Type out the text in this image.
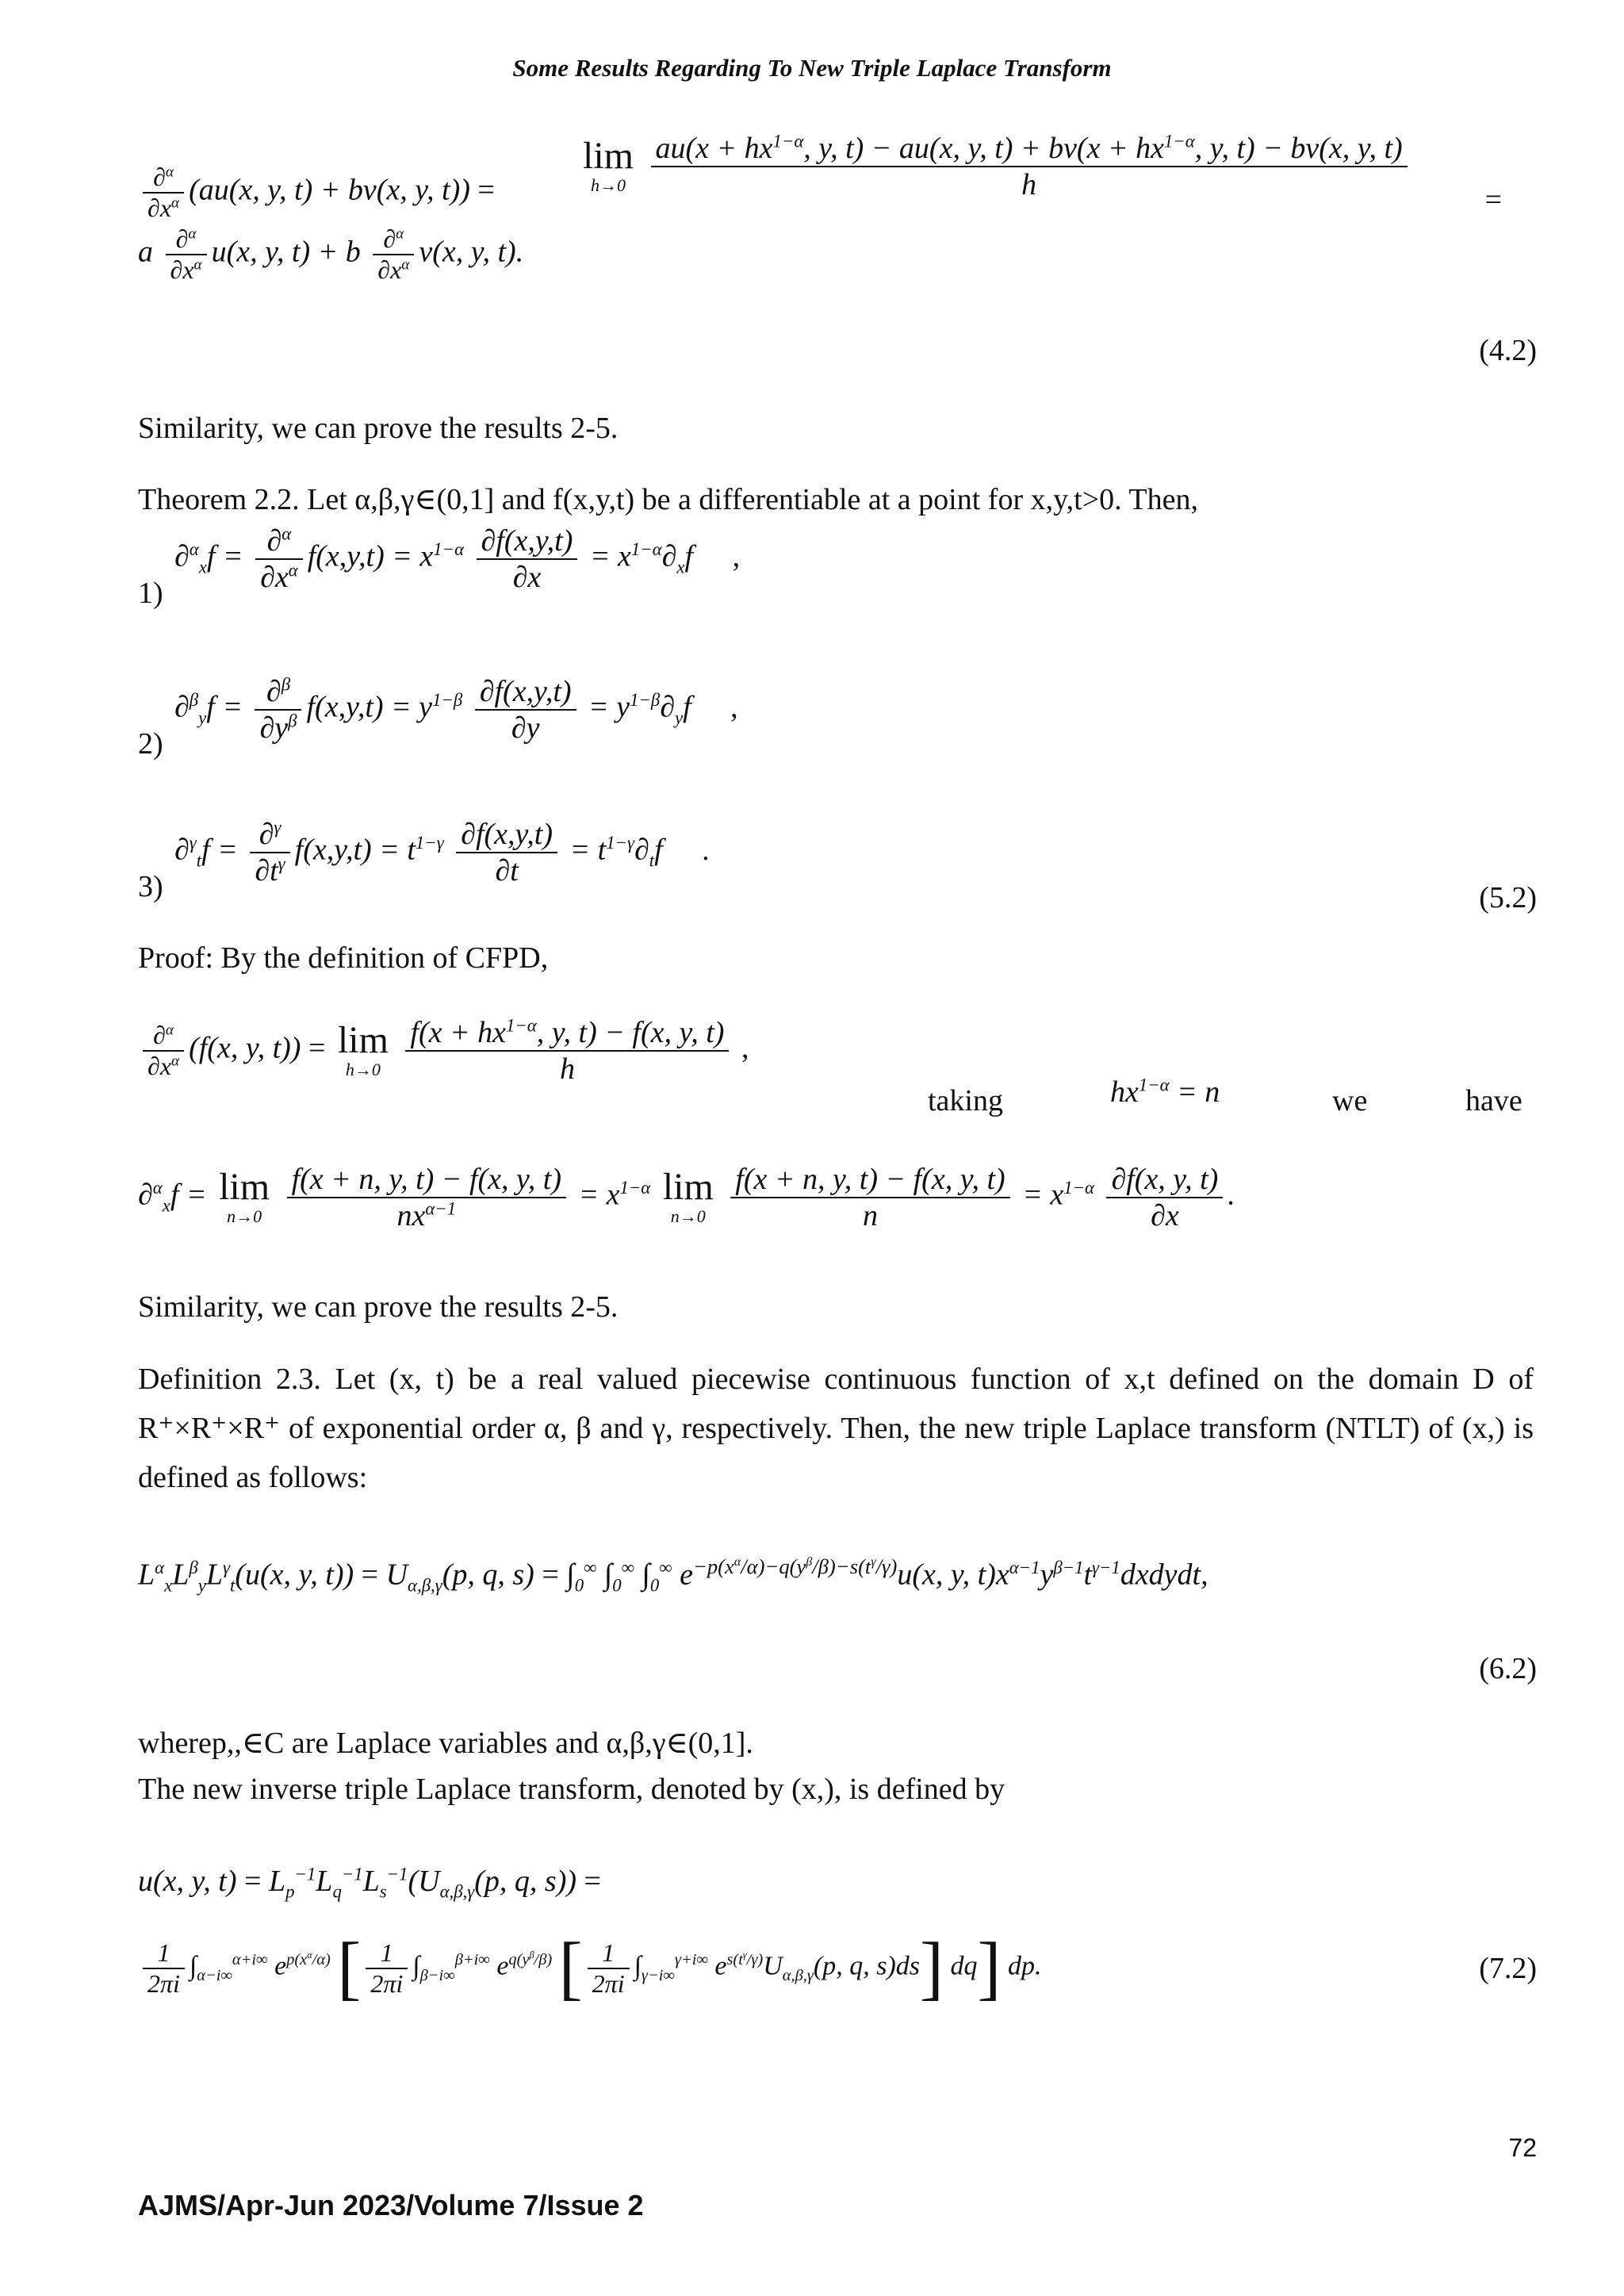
Some Results Regarding To New Triple Laplace Transform
$\frac{\partial^\alpha}{\partial x^\alpha} (au(x$, y, t) + bv(x, y, t)) =
lim
h→0

$au(x + hx^{1-\alpha}$, y, t) − au(x, y, $t) + bv(x + hx^{1-\alpha}$, y, t) − bv(x, y, t)
h	=
a $\frac{\partial^\alpha}{\partial x^\alpha} u(x$, y, t) + b $\frac{\partial^\alpha}{\partial x^\alpha} v(x$, y, t).
(4.2)
Similarity, we can prove the results 2-5.
Theorem 2.2. Let α,β,γ∈(0,1] and f(x,y,t) be a differentiable at a point for x,y,t>0. Then,
1)
$\partial^\alpha_xf = \frac{\partial^\alpha}{\partial x^\alpha} f(x,y,t) = x^{1-\alpha} \frac{\partial f(x,y,t)}{\partial x} = x^{1-\alpha}\partial_xf$ ,
2)
$\partial^\beta_yf = \frac{\partial^\beta}{\partial y^\beta} f(x,y,t) = y^{1-\beta} \frac{\partial f(x,y,t)}{\partial y} = y^{1-\beta}\partial_yf$ ,
3)
$\partial^\gamma_tf = \frac{\partial^\gamma}{\partial t^\gamma} f(x,y,t) = t^{1-\gamma} \frac{\partial f(x,y,t)}{\partial t} = t^{1-\gamma}\partial_tf$ .
(5.2)
Proof: By the definition of CFPD,
$\frac{\partial^\alpha}{\partial x^\alpha} (f(x$, y, t)) = lim
h→0
$\frac{f(x + hx^{1-\alpha}, y, t) - f(x, y, t)}{h}$ ,
taking	$hx^{1-\alpha} = n$	we	have
∂$^\alpha_x$f = lim
n→0
$\frac{f(x + n, y, t) - f(x, y, t)}{nx^{\alpha-1}} = x^{1-\alpha}$ lim
n→0
$\frac{f(x + n, y, t) - f(x, y, t)}{n} = x^{1-\alpha} \frac{\partial f(x, y, t)}{\partial x}$ .
Similarity, we can prove the results 2-5.
Definition 2.3. Let (x, t) be a real valued piecewise continuous function of x,t defined on the domain D of R⁺×R⁺×R⁺ of exponential order α, β and γ, respectively. Then, the new triple Laplace transform (NTLT) of (x,) is defined as follows:
$L^\alpha_xL^\beta_yL^\gamma_t(u(x$, y, $t)) = U_{\alpha,\beta,\gamma}(p$, q, $s) = \int_0^\infty$ $\int_0^\infty$ $\int_0^\infty$ $e^{-p(x^\alpha/\alpha)-q(y^\beta/\beta)-s(t^\gamma/\gamma)}u(x$, y, $t)x^{\alpha-1}y^{\beta-1}t^{\gamma-1}dxdydt$,
(6.2)
wherep,,∈C are Laplace variables and α,β,γ∈(0,1].
The new inverse triple Laplace transform, denoted by (x,), is defined by
u(x, y, $t) = L_p^{-1}L_q^{-1}L_s^{-1}(U_{\alpha,\beta,\gamma}(p$, q, s)) =
$\frac{1}{2\pi i} \int_{\alpha-i\infty}^{\alpha+i\infty}$ $e^{p(x^\alpha/\alpha)}$ [ $\frac{1}{2\pi i} \int_{\beta-i\infty}^{\beta+i\infty}$ $e^{q(y^\beta/\beta)}$ [ $\frac{1}{2\pi i} \int_{\gamma-i\infty}^{\gamma+i\infty}$ $e^{s(t^\gamma/\gamma)}U_{\alpha,\beta,\gamma}(p$, q, s)ds] dq] dp.	(7.2)
72
AJMS/Apr-Jun 2023/Volume 7/Issue 2
